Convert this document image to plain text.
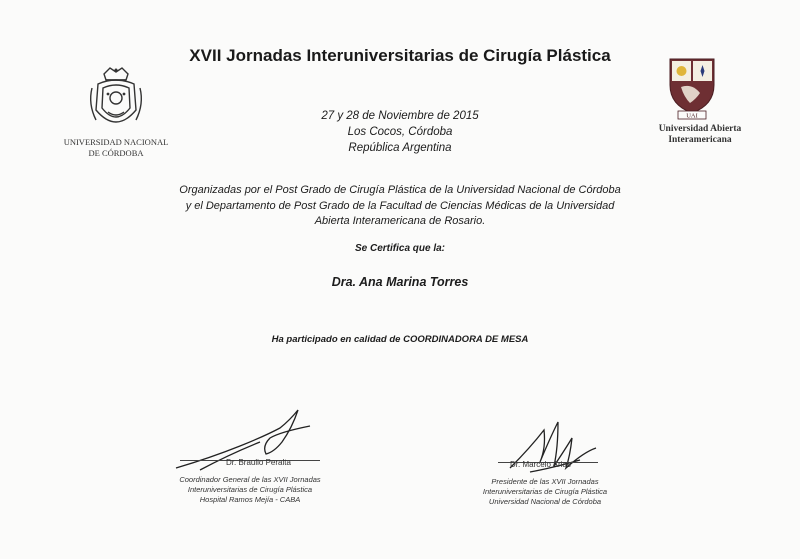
XVII Jornadas Interuniversitarias de Cirugía Plástica
UNIVERSIDAD NACIONAL
DE CÓRDOBA
UAI
Universidad Abierta
Interamericana
27 y 28 de Noviembre de 2015
Los Cocos, Córdoba
República Argentina
Organizadas por el Post Grado de Cirugía Plástica de la Universidad Nacional de Córdoba
y el Departamento de Post Grado de la Facultad de Ciencias Médicas de la Universidad
Abierta Interamericana de Rosario.
Se Certifica que la:
Dra. Ana Marina Torres
Ha participado en calidad de COORDINADORA DE MESA
Dr. Braulio Peralta
Coordinador General de las XVII Jornadas
Interuniversitarias de Cirugía Plástica
Hospital Ramos Mejía - CABA
Dr. Marcelo Arias
Presidente de las XVII Jornadas
Interuniversitarias de Cirugía Plástica
Universidad Nacional de Córdoba
